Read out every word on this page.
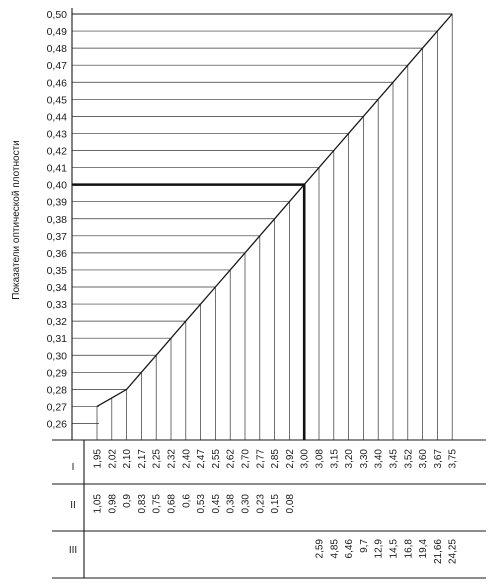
0,26
0,27
0,28
0,29
0,30
0,31
0,32
0,33
0,34
0,35
0,36
0,37
0,38
0,39
0,40
0,41
0,42
0,43
0,44
0,45
0,46
0,47
0,48
0,49
0,50
I
II
III
1,95 2,02 2,10 2,17 2,25 2,32 2,40 2,47 2,55 2,62 2,70 2,77 2,85 2,92 3,00 3,08 3,15 3,20 3,30 3,40 3,45 3,52 3,60 3,67 3,75
1,05 0,98 0,9 0,83 0,75 0,68 0,6 0,53 0,45 0,38 0,30 0,23 0,15 0,08
2,59 4,85 6,46 9,7 12,9 14,5 16,8 19,4 21,66 24,25
Показатели оптической плотности
